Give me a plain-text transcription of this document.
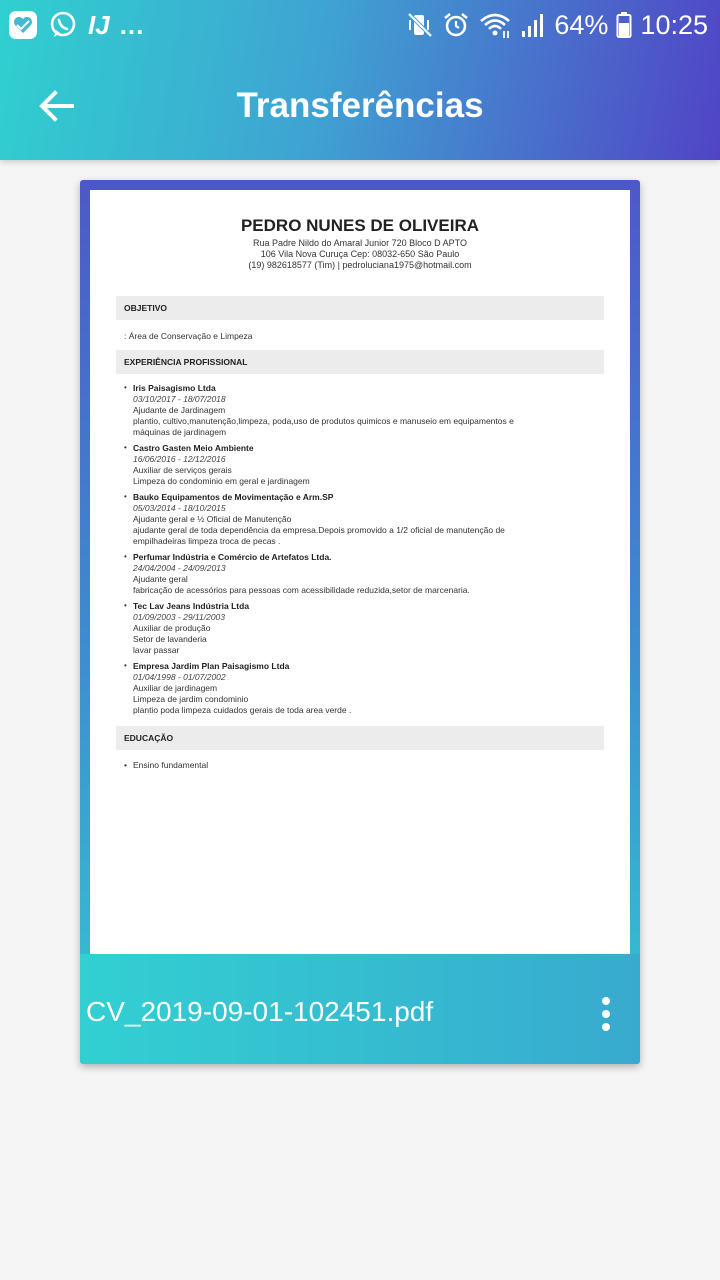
IJ ...	64% 10:25
Transferências
PEDRO NUNES DE OLIVEIRA
Rua Padre Nildo do Amaral Junior 720 Bloco D APTO
106 Vila Nova Curuça Cep: 08032-650 São Paulo
(19) 982618577 (Tim) | pedroluciana1975@hotmail.com
OBJETIVO
: Área de Conservação e Limpeza
EXPERIÊNCIA PROFISSIONAL
• Iris Paisagismo Ltda
03/10/2017 - 18/07/2018
Ajudante de Jardinagem
plantio, cultivo,manutenção,limpeza, poda,uso de produtos quimicos e manuseio em equipamentos e
máquinas de jardinagem
• Castro Gasten Meio Ambiente
16/06/2016 - 12/12/2016
Auxiliar de serviços gerais
Limpeza do condominio em geral e jardinagem
• Bauko Equipamentos de Movimentação e Arm.SP
05/03/2014 - 18/10/2015
Ajudante geral e ½ Oficial de Manutenção
ajudante geral de toda dependência da empresa.Depois promovido a 1/2 oficial de manutenção de
empilhadeiras limpeza troca de pecas .
• Perfumar Indústria e Comércio de Artefatos Ltda.
24/04/2004 - 24/09/2013
Ajudante geral
fabricação de acessórios para pessoas com acessibilidade reduzida,setor de marcenaria.
• Tec Lav Jeans Indústria Ltda
01/09/2003 - 29/11/2003
Auxiliar de produção
Setor de lavanderia
lavar passar
• Empresa Jardim Plan Paisagismo Ltda
01/04/1998 - 01/07/2002
Auxiliar de jardinagem
Limpeza de jardim condominio
plantio poda limpeza cuidados gerais de toda area verde .
EDUCAÇÃO
• Ensino fundamental
CV_2019-09-01-102451.pdf
